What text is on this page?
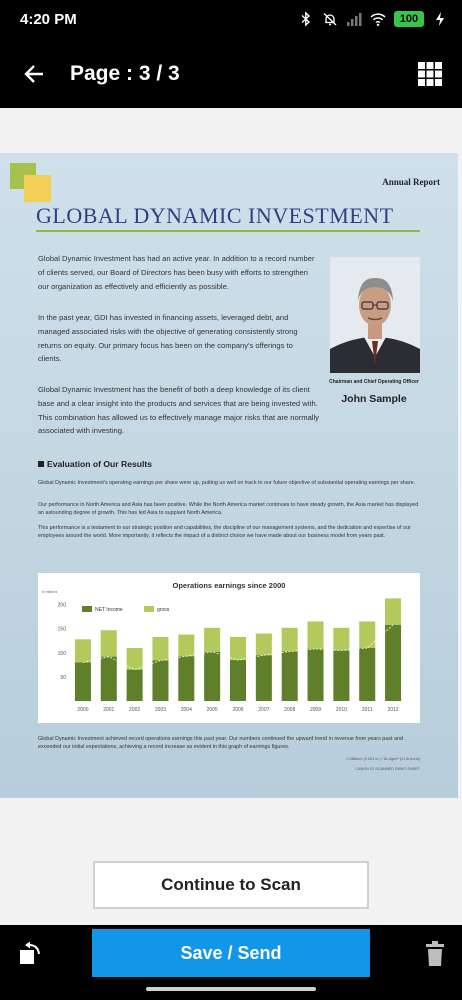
4:20 PM	100
Page : 3 / 3
Annual Report
GLOBAL DYNAMIC INVESTMENT

Global Dynamic Investment has had an active year. In addition to a record number of clients served, our Board of Directors has been busy with efforts to strengthen our organization as effectively and efficiently as possible.

In the past year, GDI has invested in financing assets, leveraged debt, and managed associated risks with the objective of generating consistently strong returns on equity. Our primary focus has been on the company's offerings to clients.

Global Dynamic Investment has the benefit of both a deep knowledge of its client base and a clear insight into the products and services that are being invested with. This combination has allowed us to effectively manage major risks that are normally associated with investing.

Chairman and Chief Operating Officer
John Sample
Evaluation of Our Results

Global Dynamic Investment's operating earnings per share were up, putting us well on track to our future objective of substantial operating earnings per share.

Our performance in North America and Asia has been positive. While the North America market continues to have steady growth, the Asia market has displayed an astounding degree of growth. This has led Asia to supplant North America.

This performance is a testament to our strategic position and capabilities, the discipline of our management systems, and the dedication and expertise of our employees around the world. More importantly, it reflects the impact of a distinct choice we have made about our business model from years past.

Operations earnings since 2000
in millions
50
100
150
200
2000	2001	2002	2003	2004	2005	2006	2007	2008	2009	2010	2011	2012
NET Income	gross

Global Dynamic Investment achieved record operations earnings this past year. Our numbers continued the upward trend in revenue from years past and exceeded our initial expectations, achieving a record increase as evident in this graph of earnings figures.

0.085mm (0.003 in.) / 81.4g/m² (21 lb bond)
CANON 02 SCANNED DEMO SHEET
Continue to Scan
Save / Send
